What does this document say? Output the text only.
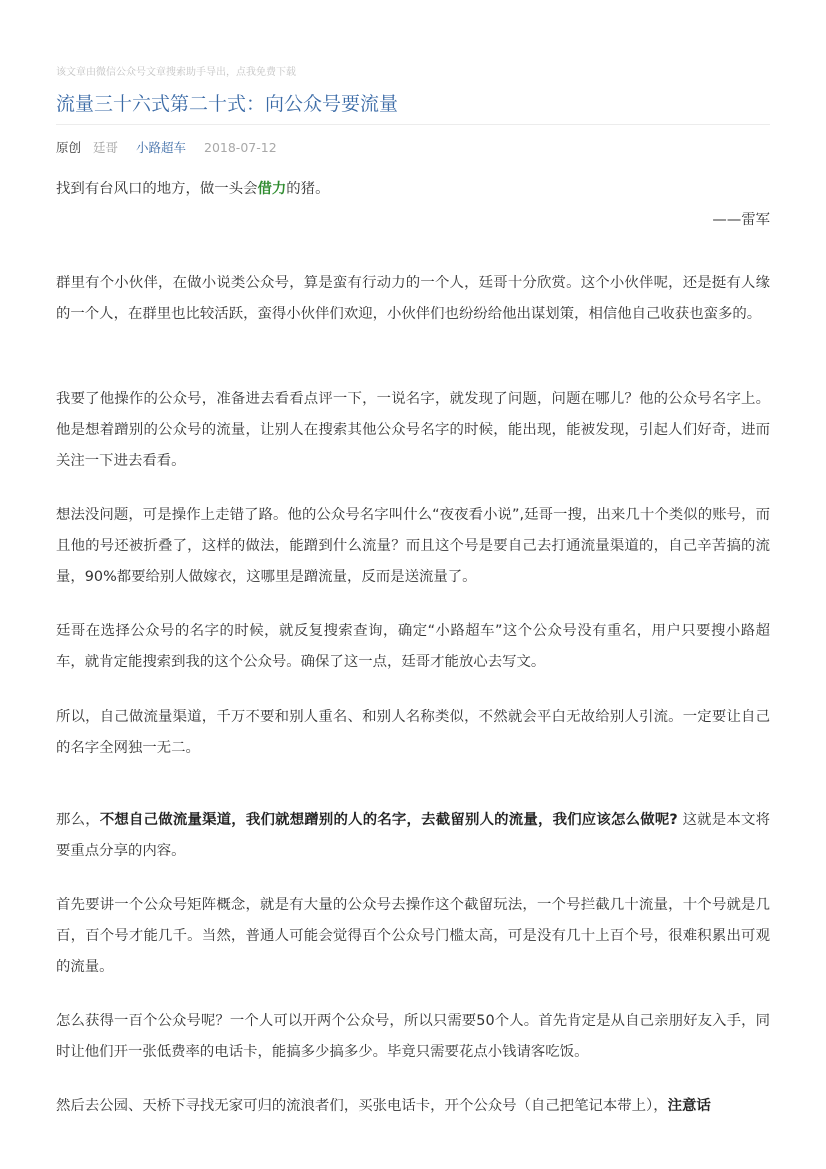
该文章由微信公众号文章搜索助手导出，点我免费下载
流量三十六式第二十式：向公众号要流量
原创 廷哥 小路超车 2018-07-12

找到有台风口的地方，做一头会借力的猪。

——雷军

群里有个小伙伴，在做小说类公众号，算是蛮有行动力的一个人，廷哥十分欣赏。这个小伙伴呢，还是挺有人缘的一个人，在群里也比较活跃，蛮得小伙伴们欢迎，小伙伴们也纷纷给他出谋划策，相信他自己收获也蛮多的。

我要了他操作的公众号，准备进去看看点评一下，一说名字，就发现了问题，问题在哪儿？他的公众号名字上。他是想着蹭别的公众号的流量，让别人在搜索其他公众号名字的时候，能出现，能被发现，引起人们好奇，进而关注一下进去看看。

想法没问题，可是操作上走错了路。他的公众号名字叫什么“夜夜看小说”,廷哥一搜，出来几十个类似的账号，而且他的号还被折叠了，这样的做法，能蹭到什么流量？而且这个号是要自己去打通流量渠道的，自己辛苦搞的流量，90%都要给别人做嫁衣，这哪里是蹭流量，反而是送流量了。

廷哥在选择公众号的名字的时候，就反复搜索查询，确定“小路超车”这个公众号没有重名，用户只要搜小路超车，就肯定能搜索到我的这个公众号。确保了这一点，廷哥才能放心去写文。

所以，自己做流量渠道，千万不要和别人重名、和别人名称类似，不然就会平白无故给别人引流。一定要让自己的名字全网独一无二。

那么，不想自己做流量渠道，我们就想蹭别的人的名字，去截留别人的流量，我们应该怎么做呢? 这就是本文将要重点分享的内容。

首先要讲一个公众号矩阵概念，就是有大量的公众号去操作这个截留玩法，一个号拦截几十流量，十个号就是几百，百个号才能几千。当然，普通人可能会觉得百个公众号门槛太高，可是没有几十上百个号，很难积累出可观的流量。

怎么获得一百个公众号呢？一个人可以开两个公众号，所以只需要50个人。首先肯定是从自己亲朋好友入手，同时让他们开一张低费率的电话卡，能搞多少搞多少。毕竟只需要花点小钱请客吃饭。

然后去公园、天桥下寻找无家可归的流浪者们，买张电话卡，开个公众号（自己把笔记本带上），注意话
